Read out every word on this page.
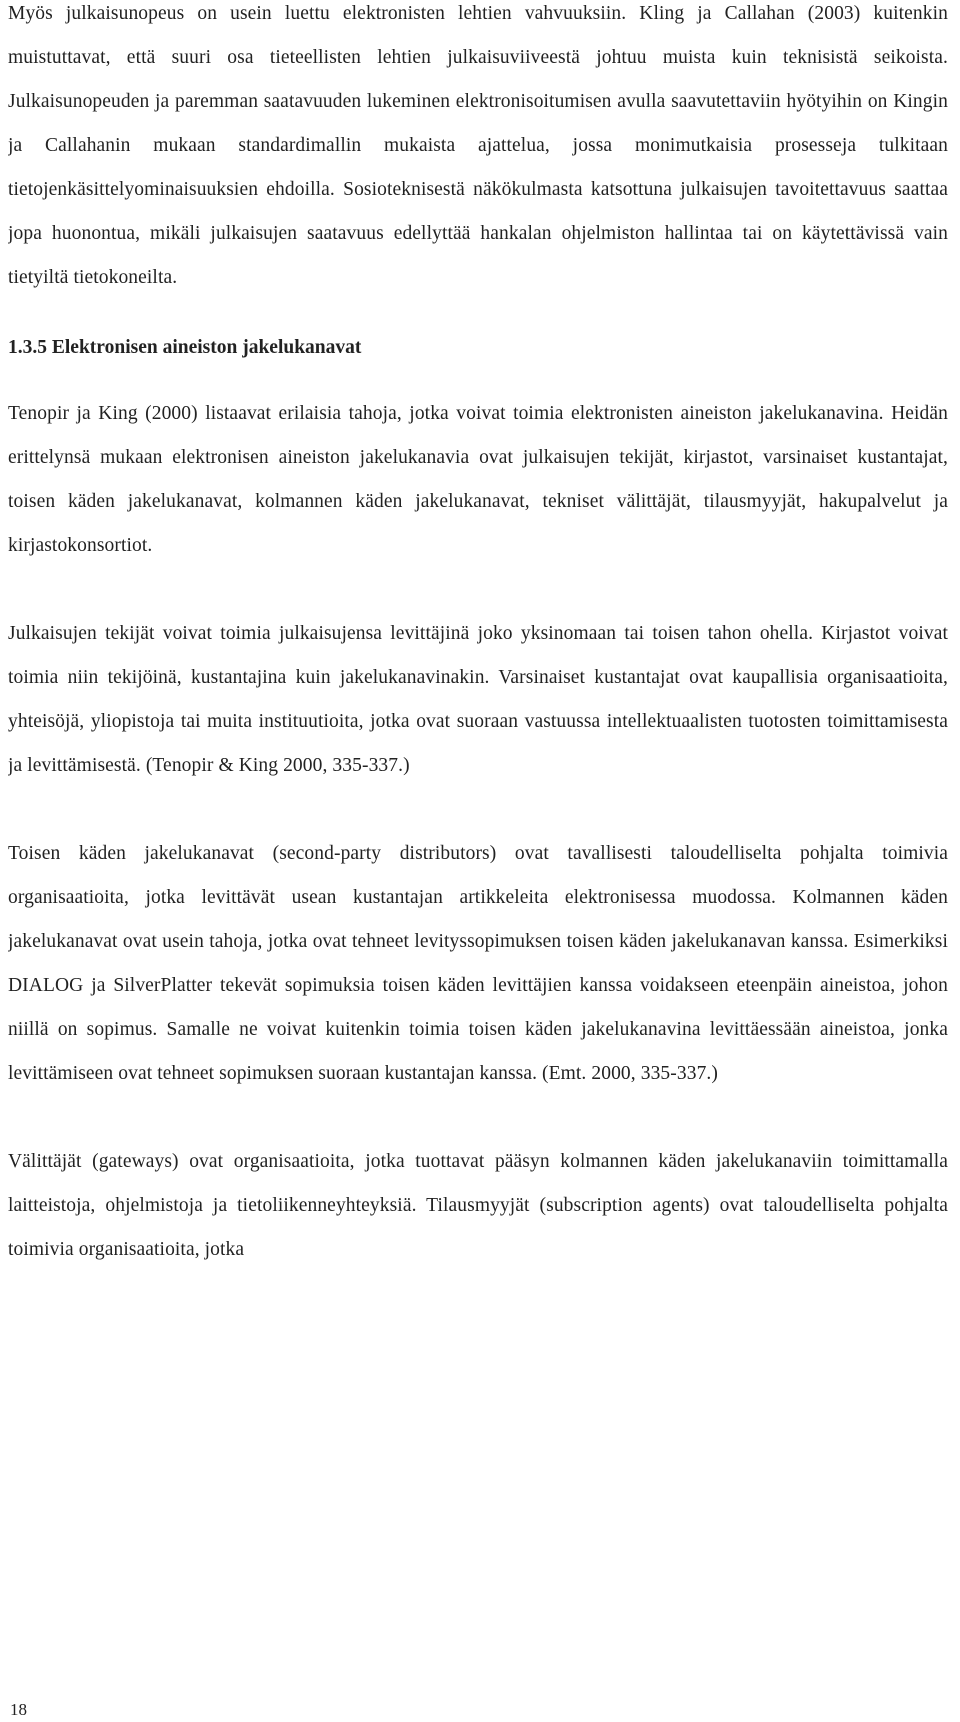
Myös julkaisunopeus on usein luettu elektronisten lehtien vahvuuksiin. Kling ja Callahan (2003) kuitenkin muistuttavat, että suuri osa tieteellisten lehtien julkaisuviiveestä johtuu muista kuin teknisistä seikoista. Julkaisunopeuden ja paremman saatavuuden lukeminen elektronisoitumisen avulla saavutettaviin hyötyihin on Kingin ja Callahanin mukaan standardimallin mukaista ajattelua, jossa monimutkaisia prosesseja tulkitaan tietojenkäsittelyominaisuuksien ehdoilla. Sosioteknisestä näkökulmasta katsottuna julkaisujen tavoitettavuus saattaa jopa huonontua, mikäli julkaisujen saatavuus edellyttää hankalan ohjelmiston hallintaa tai on käytettävissä vain tietyiltä tietokoneilta.

1.3.5 Elektronisen aineiston jakelukanavat

Tenopir ja King (2000) listaavat erilaisia tahoja, jotka voivat toimia elektronisten aineiston jakelukanavina. Heidän erittelynsä mukaan elektronisen aineiston jakelukanavia ovat julkaisujen tekijät, kirjastot, varsinaiset kustantajat, toisen käden jakelukanavat, kolmannen käden jakelukanavat, tekniset välittäjät, tilausmyyjät, hakupalvelut ja kirjastokonsortiot.

Julkaisujen tekijät voivat toimia julkaisujensa levittäjinä joko yksinomaan tai toisen tahon ohella. Kirjastot voivat toimia niin tekijöinä, kustantajina kuin jakelukanavinakin. Varsinaiset kustantajat ovat kaupallisia organisaatioita, yhteisöjä, yliopistoja tai muita instituutioita, jotka ovat suoraan vastuussa intellektuaalisten tuotosten toimittamisesta ja levittämisestä. (Tenopir & King 2000, 335-337.)

Toisen käden jakelukanavat (second-party distributors) ovat tavallisesti taloudelliselta pohjalta toimivia organisaatioita, jotka levittävät usean kustantajan artikkeleita elektronisessa muodossa. Kolmannen käden jakelukanavat ovat usein tahoja, jotka ovat tehneet levityssopimuksen toisen käden jakelukanavan kanssa. Esimerkiksi DIALOG ja SilverPlatter tekevät sopimuksia toisen käden levittäjien kanssa voidakseen eteenpäin aineistoa, johon niillä on sopimus. Samalle ne voivat kuitenkin toimia toisen käden jakelukanavina levittäessään aineistoa, jonka levittämiseen ovat tehneet sopimuksen suoraan kustantajan kanssa. (Emt. 2000, 335-337.)

Välittäjät (gateways) ovat organisaatioita, jotka tuottavat pääsyn kolmannen käden jakelukanaviin toimittamalla laitteistoja, ohjelmistoja ja tietoliikenneyhteyksiä. Tilausmyyjät (subscription agents) ovat taloudelliselta pohjalta toimivia organisaatioita, jotka

18
